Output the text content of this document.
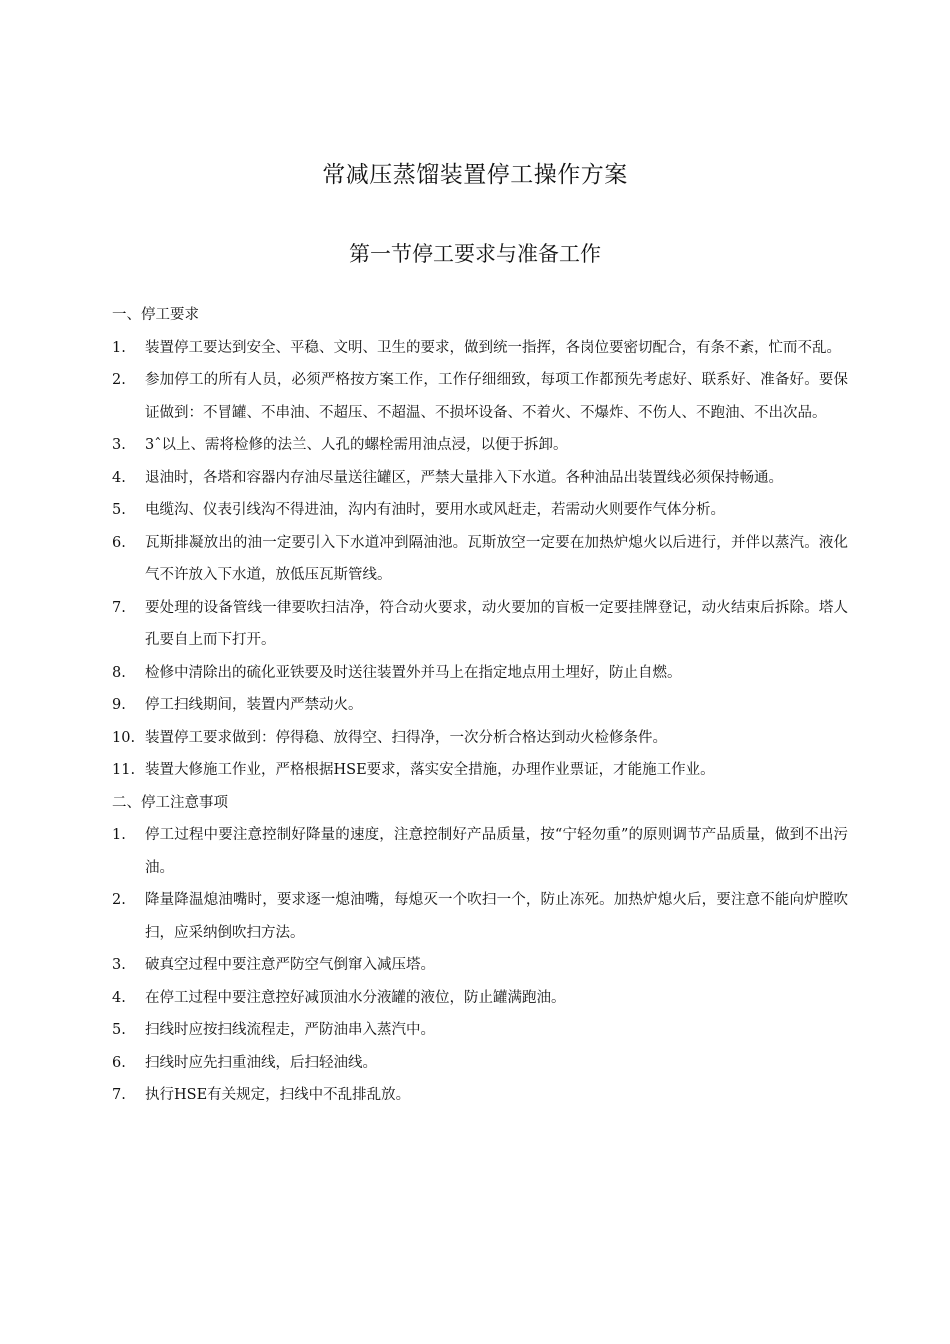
常减压蒸馏装置停工操作方案
第一节停工要求与准备工作
一、停工要求
1.	装置停工要达到安全、平稳、文明、卫生的要求，做到统一指挥，各岗位要密切配合，有条不紊，忙而不乱。
2.	参加停工的所有人员，必须严格按方案工作，工作仔细细致，每项工作都预先考虑好、联系好、准备好。要保证做到：不冒罐、不串油、不超压、不超温、不损坏设备、不着火、不爆炸、不伤人、不跑油、不出次品。
3.	3ˆ以上、需将检修的法兰、人孔的螺栓需用油点浸，以便于拆卸。
4.	退油时，各塔和容器内存油尽量送往罐区，严禁大量排入下水道。各种油品出装置线必须保持畅通。
5.	电缆沟、仪表引线沟不得进油，沟内有油时，要用水或风赶走，若需动火则要作气体分析。
6.	瓦斯排凝放出的油一定要引入下水道冲到隔油池。瓦斯放空一定要在加热炉熄火以后进行，并伴以蒸汽。液化气不许放入下水道，放低压瓦斯管线。
7.	要处理的设备管线一律要吹扫洁净，符合动火要求，动火要加的盲板一定要挂牌登记，动火结束后拆除。塔人孔要自上而下打开。
8.	检修中清除出的硫化亚铁要及时送往装置外并马上在指定地点用土埋好，防止自燃。
9.	停工扫线期间，装置内严禁动火。
10. 装置停工要求做到：停得稳、放得空、扫得净，一次分析合格达到动火检修条件。
11. 装置大修施工作业，严格根据HSE要求，落实安全措施，办理作业票证，才能施工作业。
二、停工注意事项
1.	停工过程中要注意控制好降量的速度，注意控制好产品质量，按“宁轻勿重”的原则调节产品质量，做到不出污油。
2.	降量降温熄油嘴时，要求逐一熄油嘴，每熄灭一个吹扫一个，防止冻死。加热炉熄火后，要注意不能向炉膛吹扫，应采纳倒吹扫方法。
3.	破真空过程中要注意严防空气倒窜入减压塔。
4.	在停工过程中要注意控好减顶油水分液罐的液位，防止罐满跑油。
5.	扫线时应按扫线流程走，严防油串入蒸汽中。
6.	扫线时应先扫重油线，后扫轻油线。
7.	执行HSE有关规定，扫线中不乱排乱放。
